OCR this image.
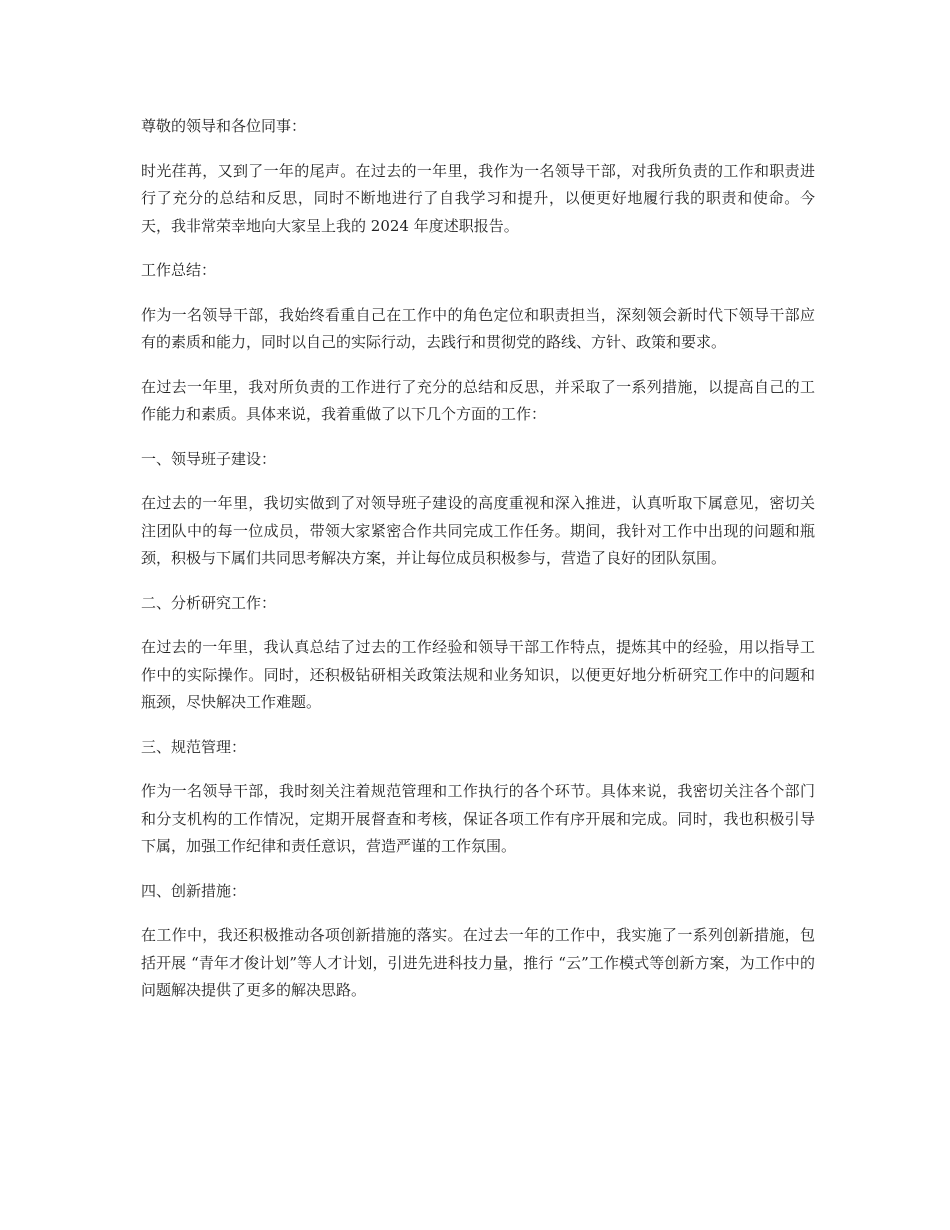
尊敬的领导和各位同事：

时光荏苒，又到了一年的尾声。在过去的一年里，我作为一名领导干部，对我所负责的工作和职责进行了充分的总结和反思，同时不断地进行了自我学习和提升，以便更好地履行我的职责和使命。今天，我非常荣幸地向大家呈上我的 2024 年度述职报告。

工作总结：

作为一名领导干部，我始终看重自己在工作中的角色定位和职责担当，深刻领会新时代下领导干部应有的素质和能力，同时以自己的实际行动，去践行和贯彻党的路线、方针、政策和要求。

在过去一年里，我对所负责的工作进行了充分的总结和反思，并采取了一系列措施，以提高自己的工作能力和素质。具体来说，我着重做了以下几个方面的工作：

一、领导班子建设：

在过去的一年里，我切实做到了对领导班子建设的高度重视和深入推进，认真听取下属意见，密切关注团队中的每一位成员，带领大家紧密合作共同完成工作任务。期间，我针对工作中出现的问题和瓶颈，积极与下属们共同思考解决方案，并让每位成员积极参与，营造了良好的团队氛围。

二、分析研究工作：

在过去的一年里，我认真总结了过去的工作经验和领导干部工作特点，提炼其中的经验，用以指导工作中的实际操作。同时，还积极钻研相关政策法规和业务知识，以便更好地分析研究工作中的问题和瓶颈，尽快解决工作难题。

三、规范管理：

作为一名领导干部，我时刻关注着规范管理和工作执行的各个环节。具体来说，我密切关注各个部门和分支机构的工作情况，定期开展督查和考核，保证各项工作有序开展和完成。同时，我也积极引导下属，加强工作纪律和责任意识，营造严谨的工作氛围。

四、创新措施：

在工作中，我还积极推动各项创新措施的落实。在过去一年的工作中，我实施了一系列创新措施，包括开展 “青年才俊计划”等人才计划，引进先进科技力量，推行 “云”工作模式等创新方案，为工作中的问题解决提供了更多的解决思路。
